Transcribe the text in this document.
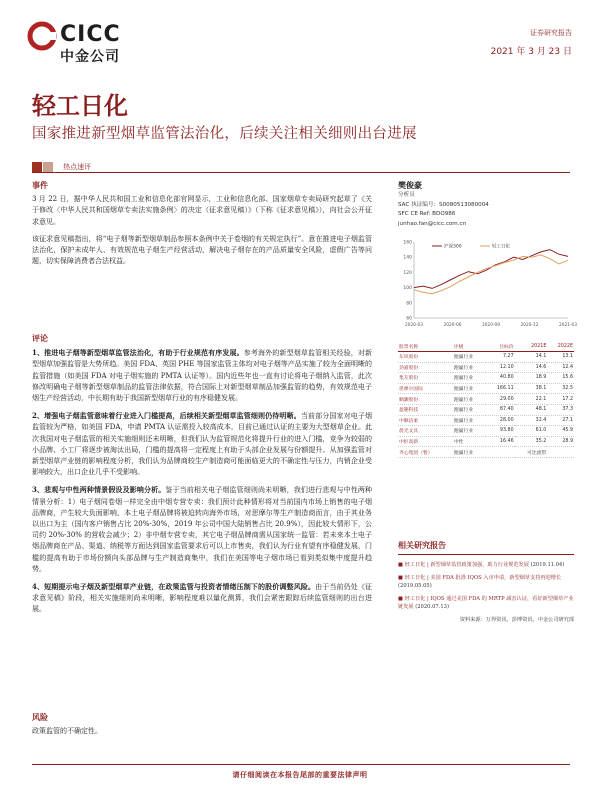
CICC
中金公司
证券研究报告
2021 年 3 月 23 日
轻工日化
国家推进新型烟草监管法治化，后续关注相关细则出台进展
热点速评
事件

3 月 22 日，据中华人民共和国工业和信息化部官网显示，工业和信息化部、国家烟草专卖局研究起草了《关于修改〈中华人民共和国烟草专卖法实施条例〉的决定（征求意见稿）》（下称《征求意见稿》），向社会公开征求意见。

该征求意见稿指出，将“电子烟等新型烟草制品参照本条例中关于卷烟的有关规定执行”。意在推进电子烟监管法治化，保护未成年人、有效规范电子烟生产经营活动，解决电子烟存在的产品质量安全风险，虚假广告等问题，切实保障消费者合法权益。

评论

1、推进电子烟等新型烟草监管法治化，有助于行业规范有序发展。参考海外的新型烟草监管相关经验，对新型烟草加强监管是大势所趋。美国 FDA、英国 PHE 等国家监管主体均对电子烟等产品实施了较为全面明晰的监管措施（如美国 FDA 对电子烟实施的 PMTA 认证等）。国内近些年也一直有讨论将电子烟纳入监管，此次修改明确电子烟等新型烟草制品的监管法律依据，符合国际上对新型烟草制品加强监管的趋势，有效规范电子烟生产经营活动，中长期有助于我国新型烟草行业的有序稳健发展。

2、增强电子烟监管意味着行业进入门槛提高，后续相关新型烟草监管细则仍待明晰。当前部分国家对电子烟监管较为严格，如美国 FDA，申请 PMTA 认证需投入较高成本，目前已通过认证的主要为大型烟草企业。此次我国对电子烟监管的相关实施细则还未明晰，但我们认为监管规范化将提升行业的进入门槛，竞争为较弱的小品牌、小工厂将逐步被淘汰出局，门槛的提高将一定程度上有助于头部企业发展与份额提升。从加强监管对新型烟草产业链的影响程度分析，我们认为品牌商较生产制造商可能面临更大的不确定性与压力，内销企业受影响较大，出口企业几乎不受影响。

3、悲观与中性两种情景假设及影响分析。鉴于当前相关电子烟监管细则尚未明晰，我们进行悲观与中性两种情景分析：1）电子烟同卷烟一样完全由中烟专营专卖：我们预计此种情形将对当前国内市场上销售的电子烟品牌商，产生较大负面影响，本土电子烟品牌将被迫转向海外市场，对思摩尔等生产制造商而言，由于其业务以出口为主（国内客户销售占比 20%-30%，2019 年公司中国大陆销售占比 20.9%），因此较大情形下，公司约 20%-30% 的营收会减少；2）非中烟专营专卖，其它电子烟品牌商需从国家统一监管：若未来本土电子烟品牌商在产品、渠道、纳税等方面达到国家监管要求后可以上市售卖，我们认为行业有望有序稳健发展，门槛的提高有助于市场份额向头部品牌与生产制造商集中，我们在美国等电子烟市场已看到类似集中度提升趋势。

4、短期提示电子烟及新型烟草产业链，在政策监管与投资者情绪压制下的股价调整风险。由于当前仍处《征求意见稿》阶段，相关实施细则尚未明晰，影响程度难以量化测算，我们会紧密跟踪后续监管细则的出台进展。

风险

政策监管的不确定性。

樊俊豪
分析员
SAC 执证编号：S0080513080004
SFC CE Ref: BDO986
junhao.fan@cicc.com.cn
60
80
100
120
140
160
2020-03	2020-06	2020-09	2020-12	2021-03
沪深300	轻工日化
股票名称	评级	目标价	2021E	2022E
东风股份	跑赢行业	7.27	14.1	13.1
劲嘉股份	跑赢行业	12.10	14.6	12.4
集友股份	跑赢行业	40.80	18.9	15.6
思摩尔国际	跑赢行业	166.11	38.1	32.5
顺灏股份	跑赢行业	29.00	22.1	17.2
盈趣科技	跑赢行业	87.40	48.1	37.3
中顺洁柔	跑赢行业	28.00	32.4	27.1
晨光文具	跑赢行业	93.80	61.0	45.9
中炬高新	中性	16.46	35.2	28.9
齐心集团（暂）	跑赢行业		可比流带	
相关研究报告
■ 轻工日化 | 新型烟草监管政策加强，助力行业规范发展 (2019.11.04)
■ 轻工日化 | 美国 FDA 批准 IQOS 入市申请，新型烟草支持再迎增长 (2019.05.05)
■ 轻工日化 | IQOS 通过美国 FDA 的 MRTP 减害认证，看好新型烟草产业链发展 (2020.07.13)
资料来源：万得资讯，彭博资讯，中金公司研究部
请仔细阅读在本报告尾部的重要法律声明
